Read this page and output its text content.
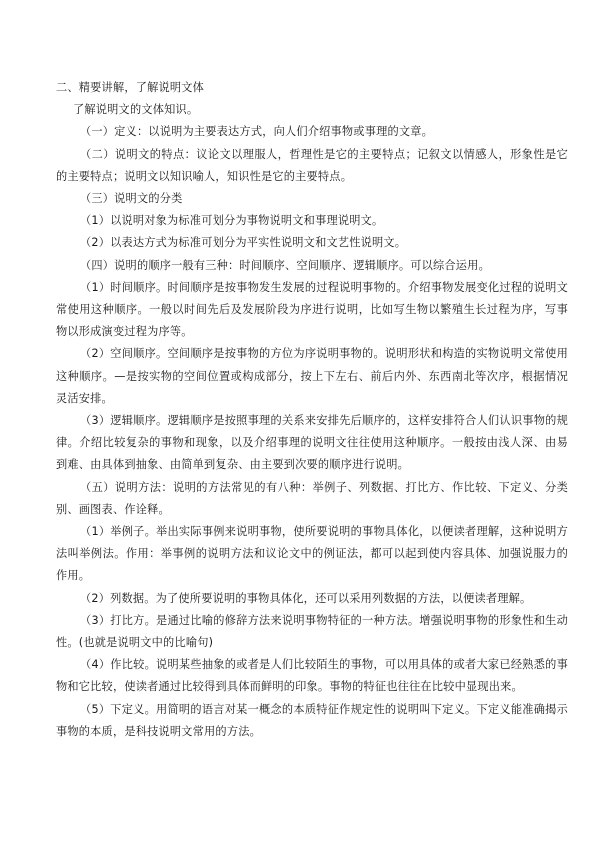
二、精要讲解，了解说明文体

了解说明文的文体知识。

（一）定义：以说明为主要表达方式，向人们介绍事物或事理的文章。

（二）说明文的特点：议论文以理服人，哲理性是它的主要特点；记叙文以情感人，形象性是它的主要特点；说明文以知识喻人，知识性是它的主要特点。

（三）说明文的分类

（1）以说明对象为标准可划分为事物说明文和事理说明文。

（2）以表达方式为标准可划分为平实性说明文和文艺性说明文。

（四）说明的顺序一般有三种：时间顺序、空间顺序、逻辑顺序。可以综合运用。

（1）时间顺序。时间顺序是按事物发生发展的过程说明事物的。介绍事物发展变化过程的说明文常使用这种顺序。一般以时间先后及发展阶段为序进行说明，比如写生物以繁殖生长过程为序，写事物以形成演变过程为序等。

（2）空间顺序。空间顺序是按事物的方位为序说明事物的。说明形状和构造的实物说明文常使用这种顺序。—是按实物的空间位置或构成部分，按上下左右、前后内外、东西南北等次序，根据情况灵活安排。

（3）逻辑顺序。逻辑顺序是按照事理的关系来安排先后顺序的，这样安排符合人们认识事物的规律。介绍比较复杂的事物和现象，以及介绍事理的说明文往往使用这种顺序。一般按由浅人深、由易到难、由具体到抽象、由简单到复杂、由主要到次要的顺序进行说明。

（五）说明方法：说明的方法常见的有八种：举例子、列数据、打比方、作比较、下定义、分类别、画图表、作诠释。

（1）举例子。举出实际事例来说明事物，使所要说明的事物具体化，以便读者理解，这种说明方法叫举例法。作用：举事例的说明方法和议论文中的例证法，都可以起到使内容具体、加强说服力的作用。

（2）列数据。为了使所要说明的事物具体化，还可以采用列数据的方法，以便读者理解。

（3）打比方。是通过比喻的修辞方法来说明事物特征的一种方法。增强说明事物的形象性和生动性。(也就是说明文中的比喻句)

（4）作比较。说明某些抽象的或者是人们比较陌生的事物，可以用具体的或者大家已经熟悉的事物和它比较，使读者通过比较得到具体而鲜明的印象。事物的特征也往往在比较中显现出来。

（5）下定义。用简明的语言对某一概念的本质特征作规定性的说明叫下定义。下定义能准确揭示事物的本质，是科技说明文常用的方法。
